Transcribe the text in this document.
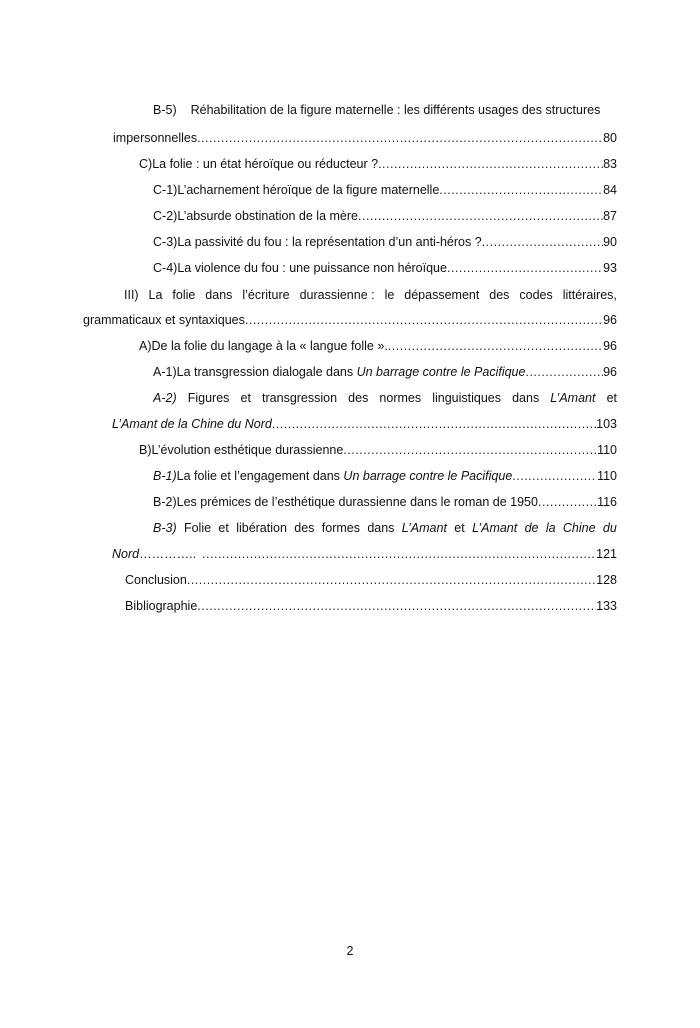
B-5) Réhabilitation de la figure maternelle : les différents usages des structures
impersonnelles .....	80
C) La folie : un état héroïque ou réducteur ? .....	83
C-1) L’acharnement héroïque de la figure maternelle .....	84
C-2) L’absurde obstination de la mère .....	87
C-3) La passivité du fou : la représentation d’un anti-héros ? .....	90
C-4) La violence du fou : une puissance non héroïque .....	93
III) La folie dans l’écriture durassienne : le dépassement des codes littéraires,
grammaticaux et syntaxiques .....	96
A) De la folie du langage à la « langue folle ». .....	96
A-1) La transgression dialogale dans Un barrage contre le Pacifique .....	96
A-2) Figures et transgression des normes linguistiques dans L’Amant et
L’Amant de la Chine du Nord .....	103
B) L’évolution esthétique durassienne .....	110
B-1) La folie et l’engagement dans Un barrage contre le Pacifique .....	110
B-2) Les prémices de l’esthétique durassienne dans le roman de 1950 .....	116
B-3) Folie et libération des formes dans L’Amant et L’Amant de la Chine du
Nord ………….. .....	121
Conclusion .....	128
Bibliographie .....	133
2
